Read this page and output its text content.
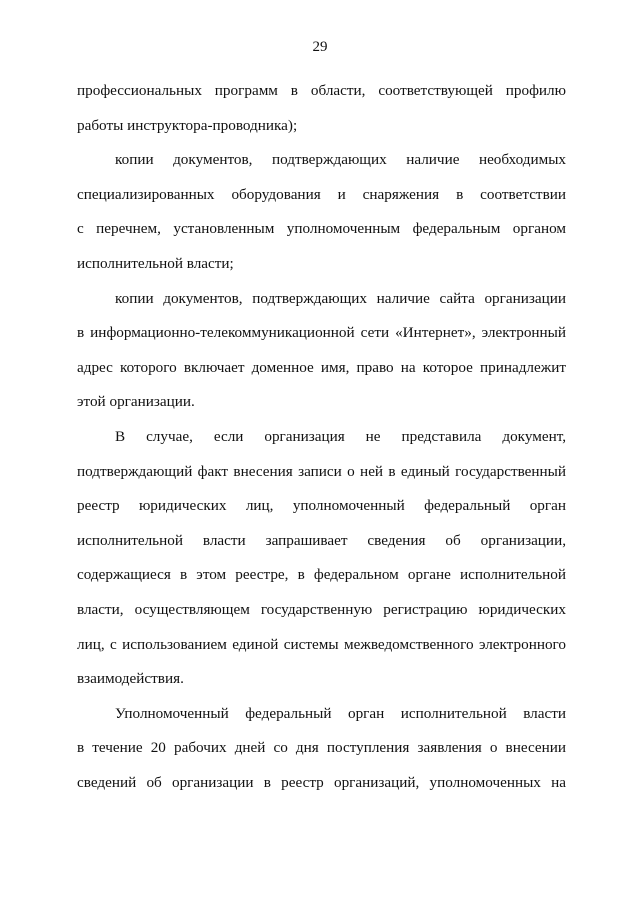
29
профессиональных программ в области, соответствующей профилю
работы инструктора-проводника);
копии документов, подтверждающих наличие необходимых
специализированных оборудования и снаряжения в соответствии
с перечнем, установленным уполномоченным федеральным органом
исполнительной власти;
копии документов, подтверждающих наличие сайта организации
в информационно-телекоммуникационной сети «Интернет», электронный
адрес которого включает доменное имя, право на которое принадлежит
этой организации.
В случае, если организация не представила документ,
подтверждающий факт внесения записи о ней в единый государственный
реестр юридических лиц, уполномоченный федеральный орган
исполнительной власти запрашивает сведения об организации,
содержащиеся в этом реестре, в федеральном органе исполнительной
власти, осуществляющем государственную регистрацию юридических
лиц, с использованием единой системы межведомственного электронного
взаимодействия.
Уполномоченный федеральный орган исполнительной власти
в течение 20 рабочих дней со дня поступления заявления о внесении
сведений об организации в реестр организаций, уполномоченных на
